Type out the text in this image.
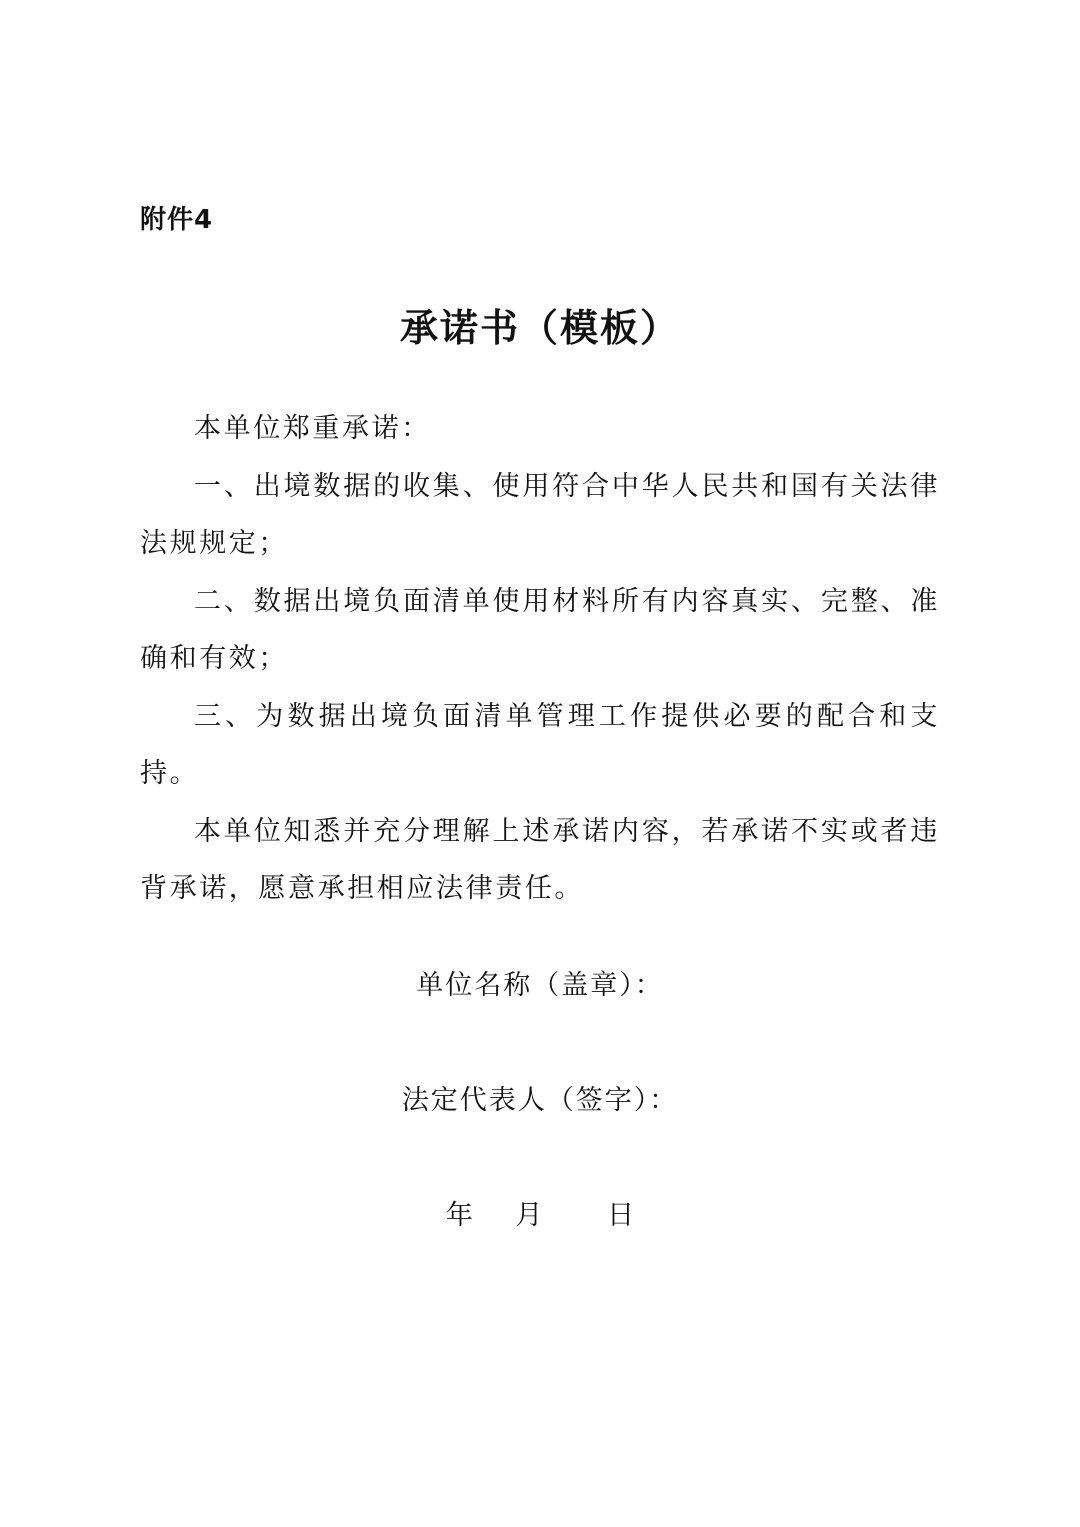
附件4
承诺书（模板）

本单位郑重承诺：

一、出境数据的收集、使用符合中华人民共和国有关法律法规规定；

二、数据出境负面清单使用材料所有内容真实、完整、准确和有效；

三、为数据出境负面清单管理工作提供必要的配合和支持。

本单位知悉并充分理解上述承诺内容，若承诺不实或者违背承诺，愿意承担相应法律责任。

单位名称（盖章）：
法定代表人（签字）：
年 月 日
